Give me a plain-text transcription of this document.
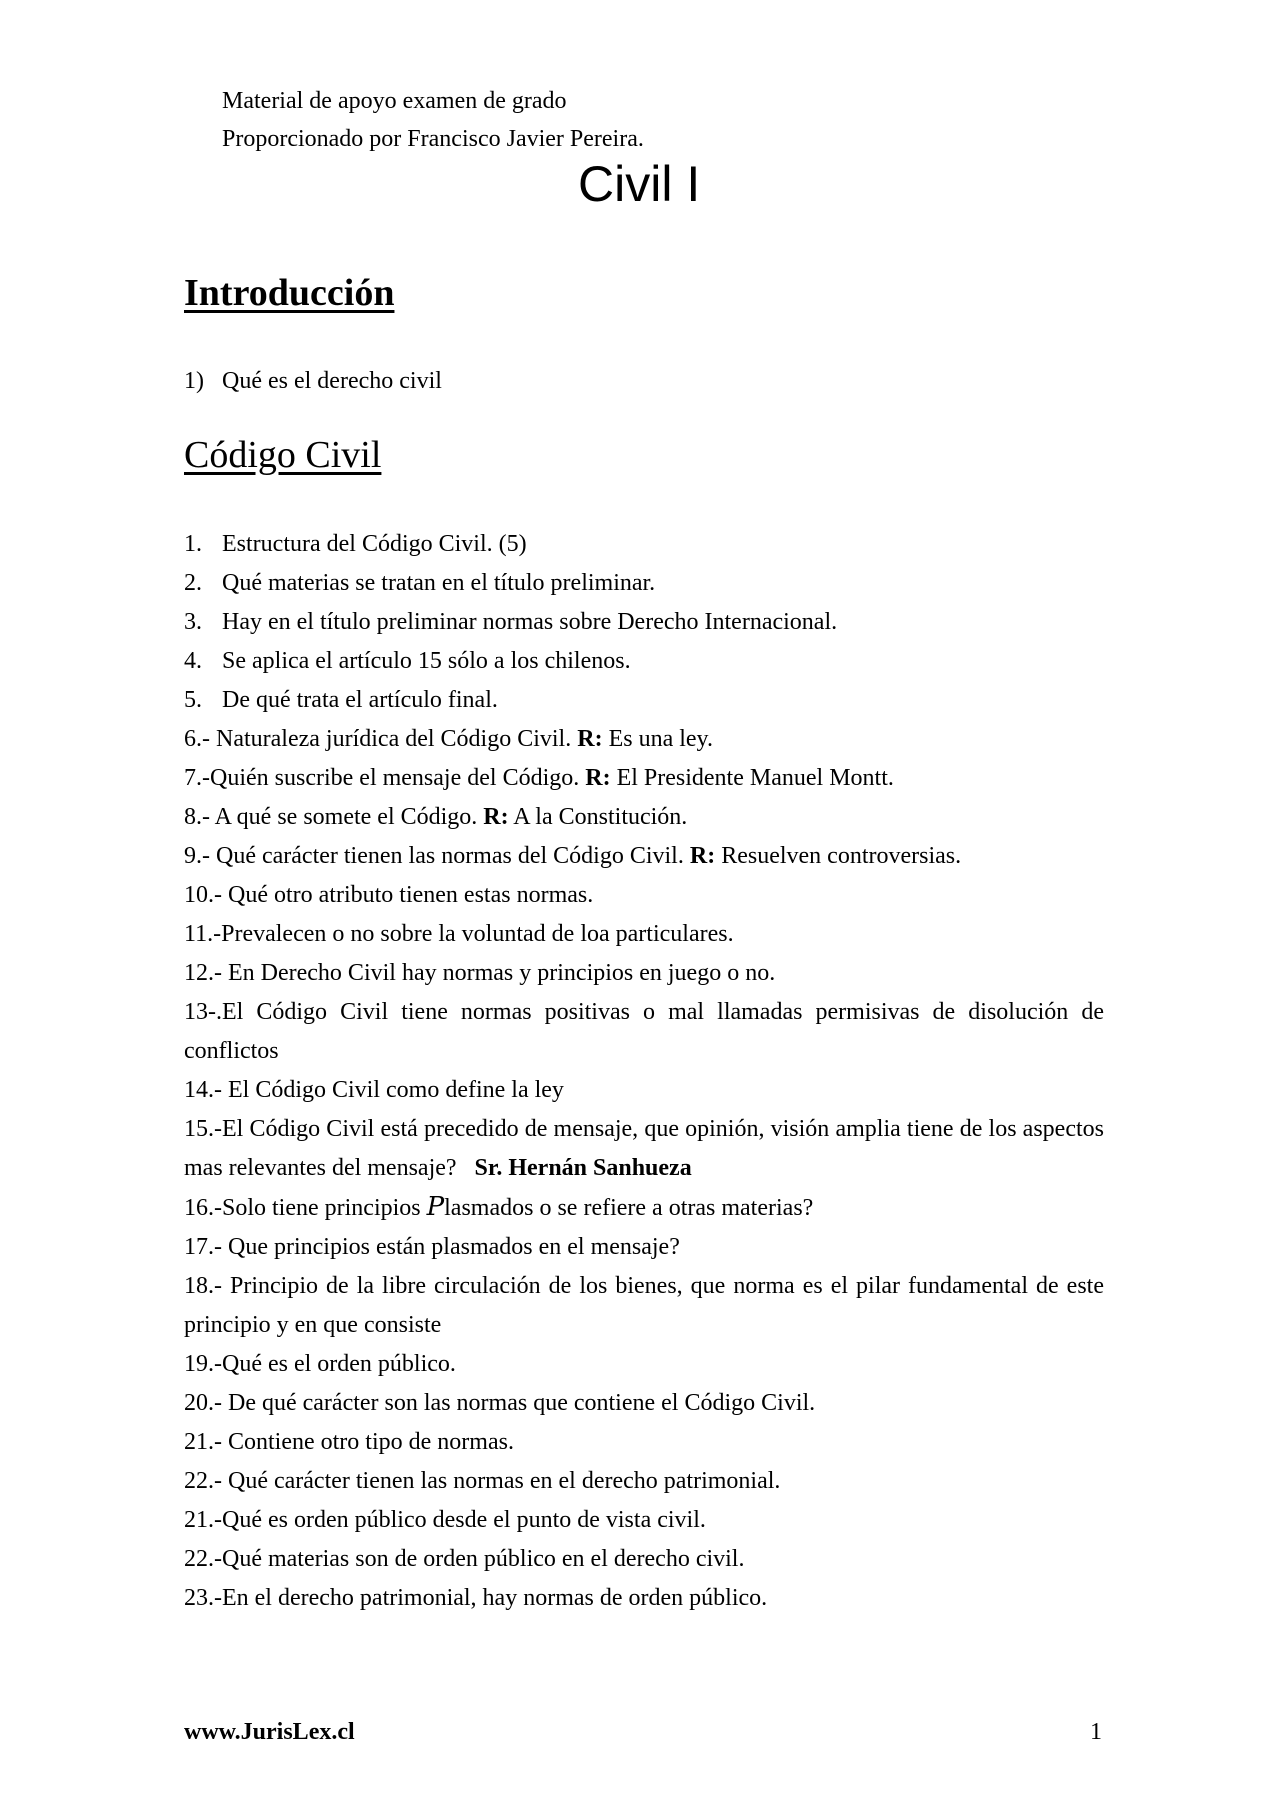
Material de apoyo examen de grado
Proporcionado por Francisco Javier Pereira.
Civil I
Introducción
1) Qué es el derecho civil
Código Civil
1. Estructura del Código Civil. (5)
2. Qué materias se tratan en el título preliminar.
3. Hay en el título preliminar normas sobre Derecho Internacional.
4. Se aplica el artículo 15 sólo a los chilenos.
5. De qué trata el artículo final.
6.- Naturaleza jurídica del Código Civil. R: Es una ley.
7.-Quién suscribe el mensaje del Código. R: El Presidente Manuel Montt.
8.- A qué se somete el Código. R: A la Constitución.
9.- Qué carácter tienen las normas del Código Civil. R: Resuelven controversias.
10.- Qué otro atributo tienen estas normas.
11.-Prevalecen o no sobre la voluntad de loa particulares.
12.- En Derecho Civil hay normas y principios en juego o no.
13-.El Código Civil tiene normas positivas o mal llamadas permisivas de disolución de conflictos
14.- El Código Civil como define la ley
15.-El Código Civil está precedido de mensaje, que opinión, visión amplia tiene de los aspectos mas relevantes del mensaje? Sr. Hernán Sanhueza
16.-Solo tiene principios Plasmados o se refiere a otras materias?
17.- Que principios están plasmados en el mensaje?
18.- Principio de la libre circulación de los bienes, que norma es el pilar fundamental de este principio y en que consiste
19.-Qué es el orden público.
20.- De qué carácter son las normas que contiene el Código Civil.
21.- Contiene otro tipo de normas.
22.- Qué carácter tienen las normas en el derecho patrimonial.
21.-Qué es orden público desde el punto de vista civil.
22.-Qué materias son de orden público en el derecho civil.
23.-En el derecho patrimonial, hay normas de orden público.
www.JurisLex.cl	1
